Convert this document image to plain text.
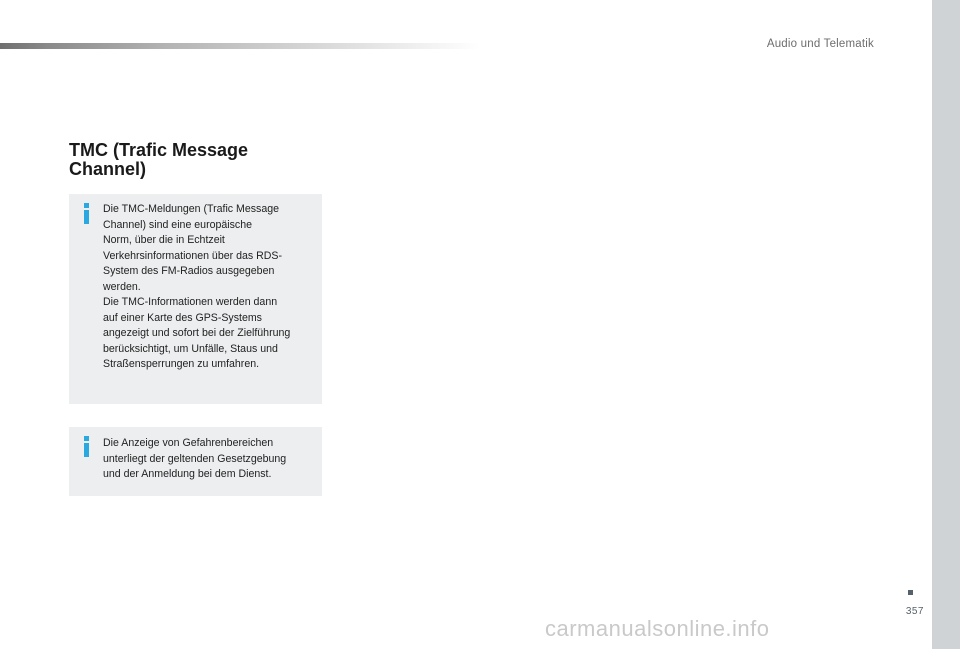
Audio und Telematik
TMC (Trafic Message
Channel)

Die TMC-Meldungen (Trafic Message
Channel) sind eine europäische
Norm, über die in Echtzeit
Verkehrsinformationen über das RDS-
System des FM-Radios ausgegeben
werden.

Die TMC-Informationen werden dann
auf einer Karte des GPS-Systems
angezeigt und sofort bei der Zielführung
berücksichtigt, um Unfälle, Staus und
Straßensperrungen zu umfahren.

Die Anzeige von Gefahrenbereichen
unterliegt der geltenden Gesetzgebung
und der Anmeldung bei dem Dienst.

357
carmanualsonline.info
